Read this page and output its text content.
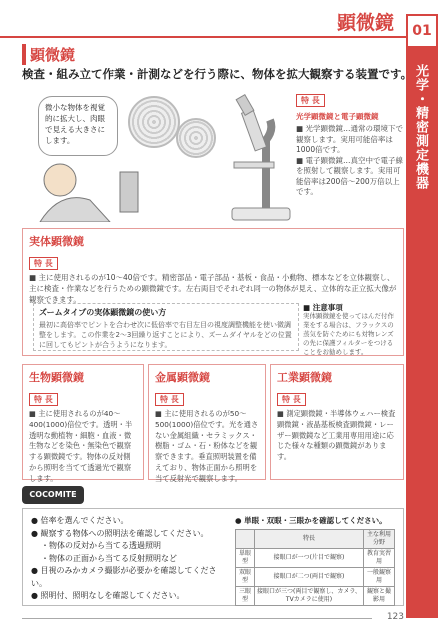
顕微鏡	01
光学・精密測定機器
顕微鏡
検査・組み立て作業・計測などを行う際に、物体を拡大観察する装置です。
微小な物体を視覚的に拡大し、肉眼で見える大きさにします。
特 長
光学顕微鏡と電子顕微鏡

■ 光学顕微鏡…通常の環境下で観察します。実用可能倍率は1000倍です。

■ 電子顕微鏡…真空中で電子線を照射して観察します。実用可能倍率は200倍〜200万倍以上です。

実体顕微鏡
特 長
■ 主に使用されるのが10〜40倍です。精密部品・電子部品・基板・食品・小動物、標本などを立体観察し、主に検査・作業などを行うための顕微鏡です。左右両目でそれぞれ同一の物体が見え、立体的な正立拡大像が観察できます。
ズームタイプの実体顕微鏡の使い方
最初に高倍率でピントを合わせ次に低倍率で右目左目の視度調整機能を使い微調整をします。この作業を2〜3回繰り返すことにより、ズームダイヤルをどの位置に回してもピントが合うようになります。
■ 注意事項
実体顕微鏡を使ってはんだ付作業をする場合は、フラックスの蒸気を防ぐためにも対物レンズの先に保護フィルターをつけることをお勧めします。
生物顕微鏡
特 長
■ 主に使用されるのが40〜400(1000)倍位です。透明・半透明な動植物・細胞・血液・微生物などを染色・無染色で観察する顕微鏡です。物体の反対側から照明を当てて透過光で観察します。
金属顕微鏡
特 長
■ 主に使用されるのが50〜500(1000)倍位です。光を通さない金属組織・セラミックス・樹脂・ゴム・石・粉体などを観察できます。垂直照明装置を備えており、物体正面から照明を当て反射光で観察します。
工業顕微鏡
特 長
■ 測定顕微鏡・半導体ウェハー検査顕微鏡・液晶基板検査顕微鏡・レーザー顕微鏡など工業用専用用途に応じた様々な種類の顕微鏡があります。
COCOMITE
● 倍率を選んでください。
● 観察する物体への照明法を確認してください。
・物体の反対から当てる透過照明
・物体の正面から当てる反射照明など
● 目視のみかカメラ撮影が必要かを確認してください。
● 照明付、照明なしを確認してください。
● 単眼・双眼・三眼かを確認してください。
	特長	主な利用分野
単眼型	接眼口が一つ(片目で観察)	教育実習用
双眼型	接眼口が二つ(両目で観察)	一般観察用
三眼型	接眼口が三つ(両目で観察し、カメラ、TVカメラに使用)	観察と撮影用
123
